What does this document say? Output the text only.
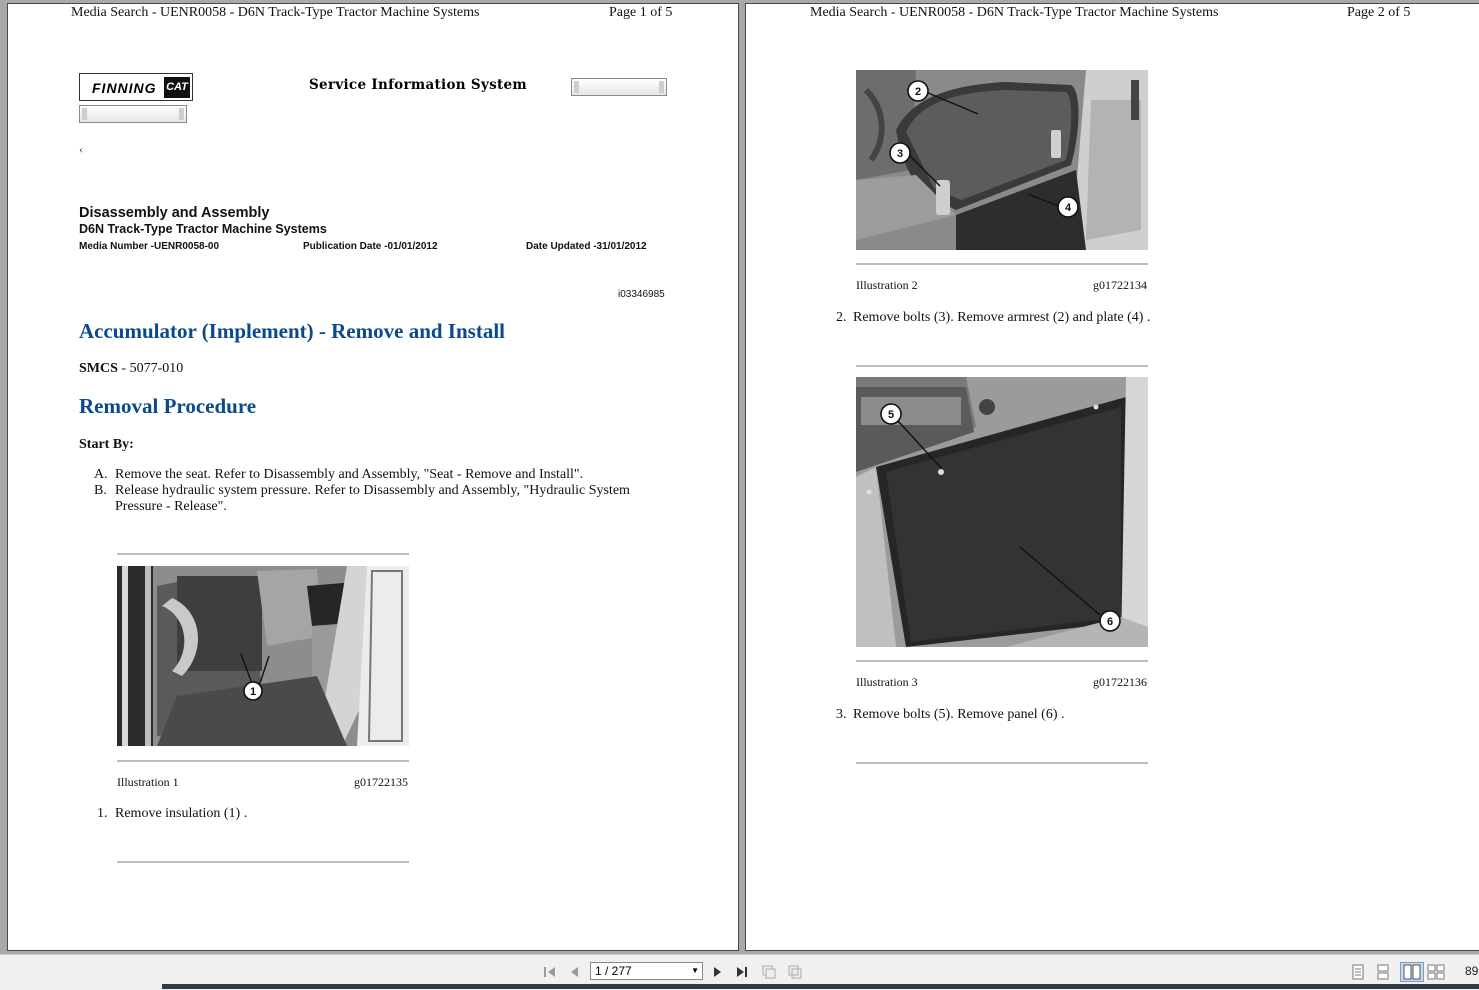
Media Search - UENR0058 - D6N Track-Type Tractor Machine Systems	Page 1 of 5
FINNING CAT	Service Information System
‹
Disassembly and Assembly
D6N Track-Type Tractor Machine Systems
Media Number -UENR0058-00	Publication Date -01/01/2012	Date Updated -31/01/2012
i03346985
Accumulator (Implement) - Remove and Install
SMCS - 5077-010
Removal Procedure
Start By:
A. Remove the seat. Refer to Disassembly and Assembly, "Seat - Remove and Install".
B. Release hydraulic system pressure. Refer to Disassembly and Assembly, "Hydraulic System
Pressure - Release".
1
Illustration 1	g01722135
1. Remove insulation (1) .
Media Search - UENR0058 - D6N Track-Type Tractor Machine Systems	Page 2 of 5
2
3
4
Illustration 2	g01722134
2. Remove bolts (3). Remove armrest (2) and plate (4) .
5
6
Illustration 3	g01722136
3. Remove bolts (5). Remove panel (6) .
1 / 277	▼	89
